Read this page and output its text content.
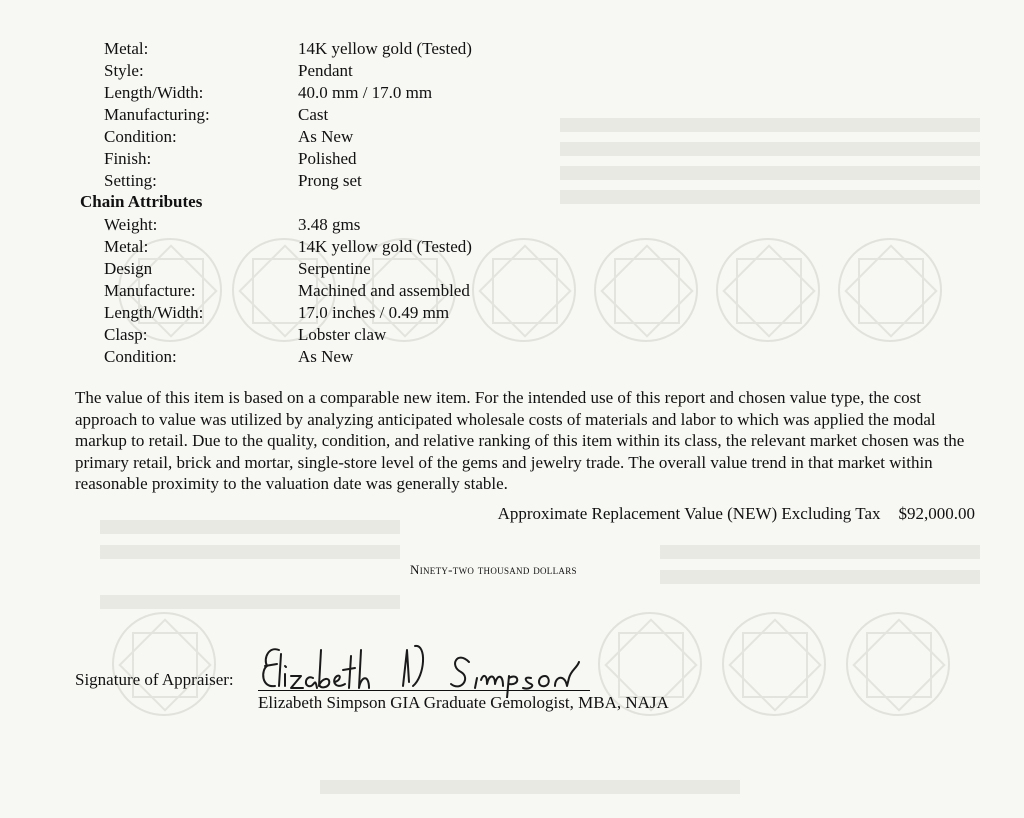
Metal:	14K yellow gold (Tested)
Style:	Pendant
Length/Width:	40.0 mm / 17.0 mm
Manufacturing:	Cast
Condition:	As New
Finish:	Polished
Setting:	Prong set
Chain Attributes
Weight:	3.48 gms
Metal:	14K yellow gold (Tested)
Design	Serpentine
Manufacture:	Machined and assembled
Length/Width:	17.0 inches / 0.49 mm
Clasp:	Lobster claw
Condition:	As New

The value of this item is based on a comparable new item. For the intended use of this report and chosen value type, the cost approach to value was utilized by analyzing anticipated wholesale costs of materials and labor to which was applied the modal markup to retail. Due to the quality, condition, and relative ranking of this item within its class, the relevant market chosen was the primary retail, brick and mortar, single-store level of the gems and jewelry trade. The overall value trend in that market within reasonable proximity to the valuation date was generally stable.

Approximate Replacement Value (NEW) Excluding Tax $92,000.00
Ninety-two thousand dollars
Signature of Appraiser:
Elizabeth Simpson GIA Graduate Gemologist, MBA, NAJA
